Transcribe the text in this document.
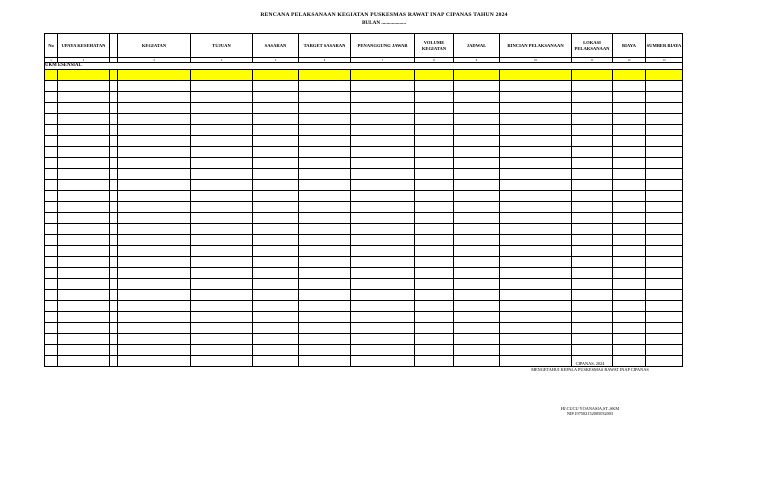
RENCANA PELAKSANAAN KEGIATAN PUSKESMAS RAWAT INAP CIPANAS TAHUN 2024
BULAN ...................
No	UPAYA KESEHATAN		KEGIATAN	TUJUAN	SASARAN	TARGET SASARAN	PENANGGUNG JAWAB	VOLUME KEGIATAN	JADWAL	RINCIAN PELAKSANAAN	LOKASI PELAKSANAAN	BIAYA	SUMBER BIAYA
1	2		3	4	5	6	7	8	9	10	11	12	13
UKM ESENSIAL													

CIPANAS, 2024
MENGETAHUI KEPALA PUSKESMAS RAWAT INAP CIPANAS
HJ.CUCU YOANASIA,ST.,SKM
NIP.197502152005032003
